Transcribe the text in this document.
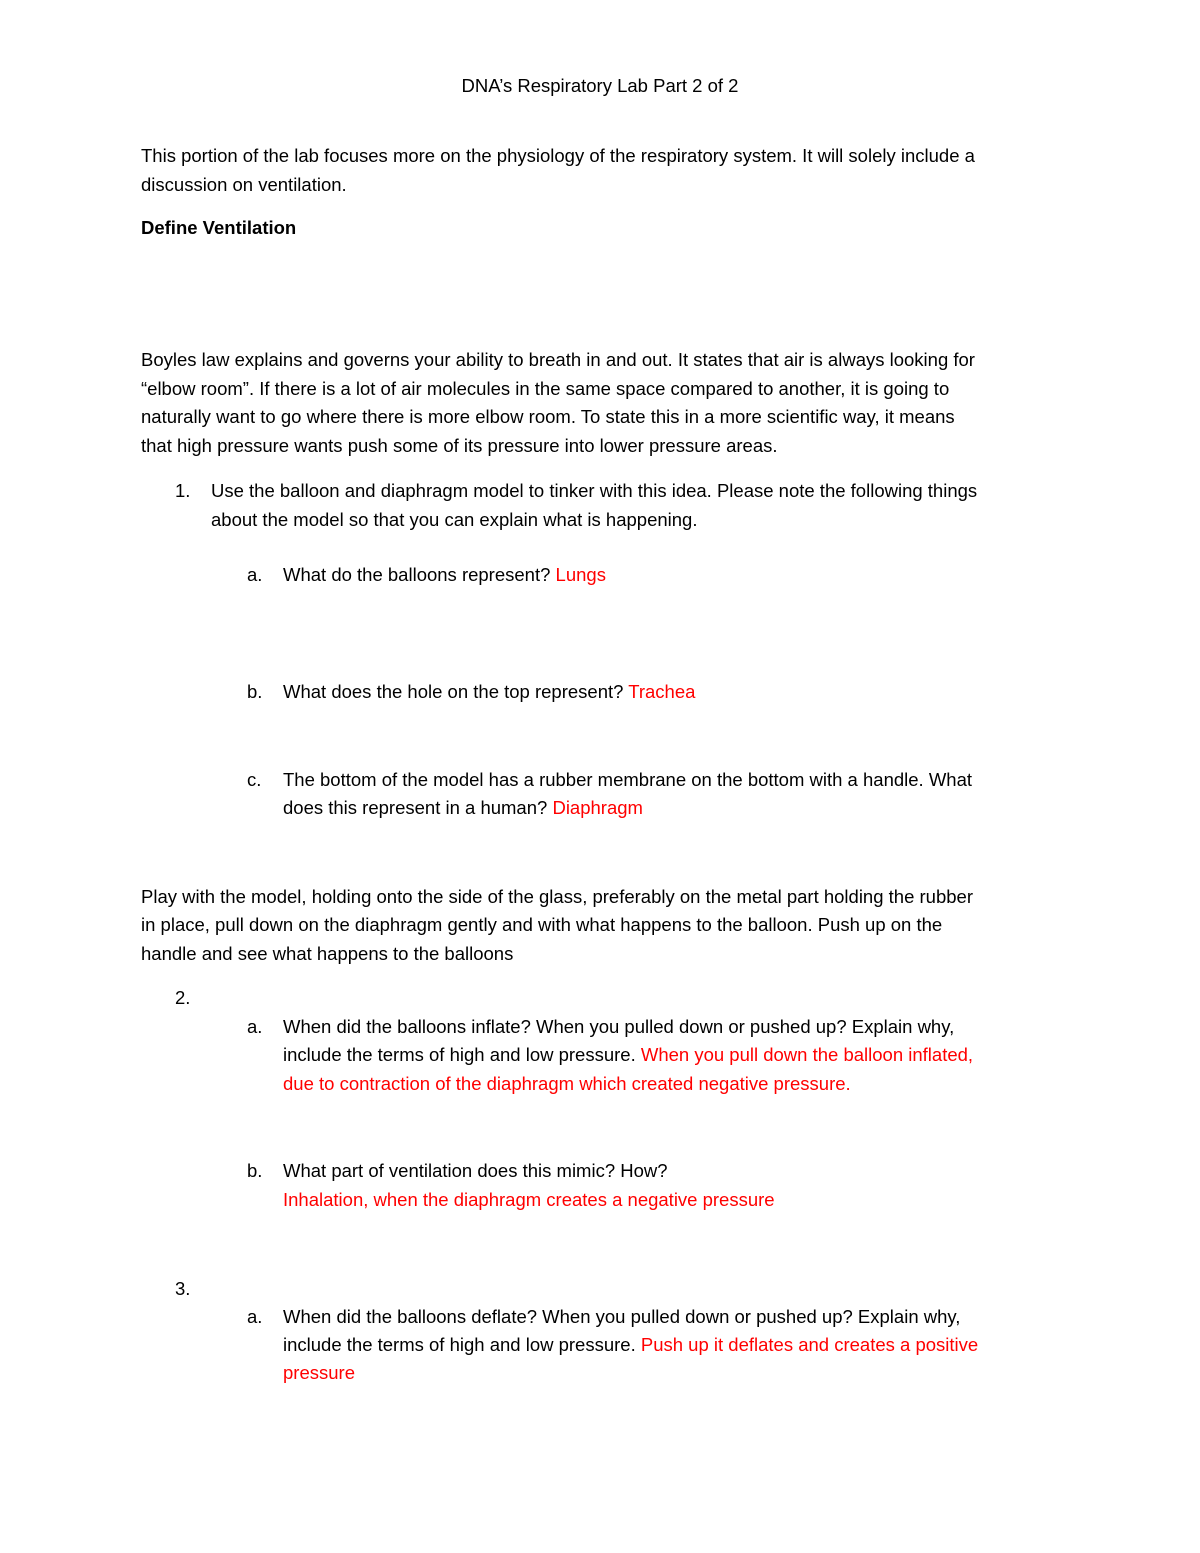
DNA’s Respiratory Lab Part 2 of 2
This portion of the lab focuses more on the physiology of the respiratory system. It will solely include a
discussion on ventilation.
Define Ventilation
Boyles law explains and governs your ability to breath in and out. It states that air is always looking for
“elbow room”. If there is a lot of air molecules in the same space compared to another, it is going to
naturally want to go where there is more elbow room. To state this in a more scientific way, it means
that high pressure wants push some of its pressure into lower pressure areas.
1. Use the balloon and diaphragm model to tinker with this idea. Please note the following things
about the model so that you can explain what is happening.
a. What do the balloons represent? Lungs
b. What does the hole on the top represent? Trachea
c. The bottom of the model has a rubber membrane on the bottom with a handle. What
does this represent in a human? Diaphragm
Play with the model, holding onto the side of the glass, preferably on the metal part holding the rubber
in place, pull down on the diaphragm gently and with what happens to the balloon. Push up on the
handle and see what happens to the balloons
2.
a. When did the balloons inflate? When you pulled down or pushed up? Explain why,
include the terms of high and low pressure. When you pull down the balloon inflated,
due to contraction of the diaphragm which created negative pressure.
b. What part of ventilation does this mimic? How?
Inhalation, when the diaphragm creates a negative pressure
3.
a. When did the balloons deflate? When you pulled down or pushed up? Explain why,
include the terms of high and low pressure. Push up it deflates and creates a positive
pressure
